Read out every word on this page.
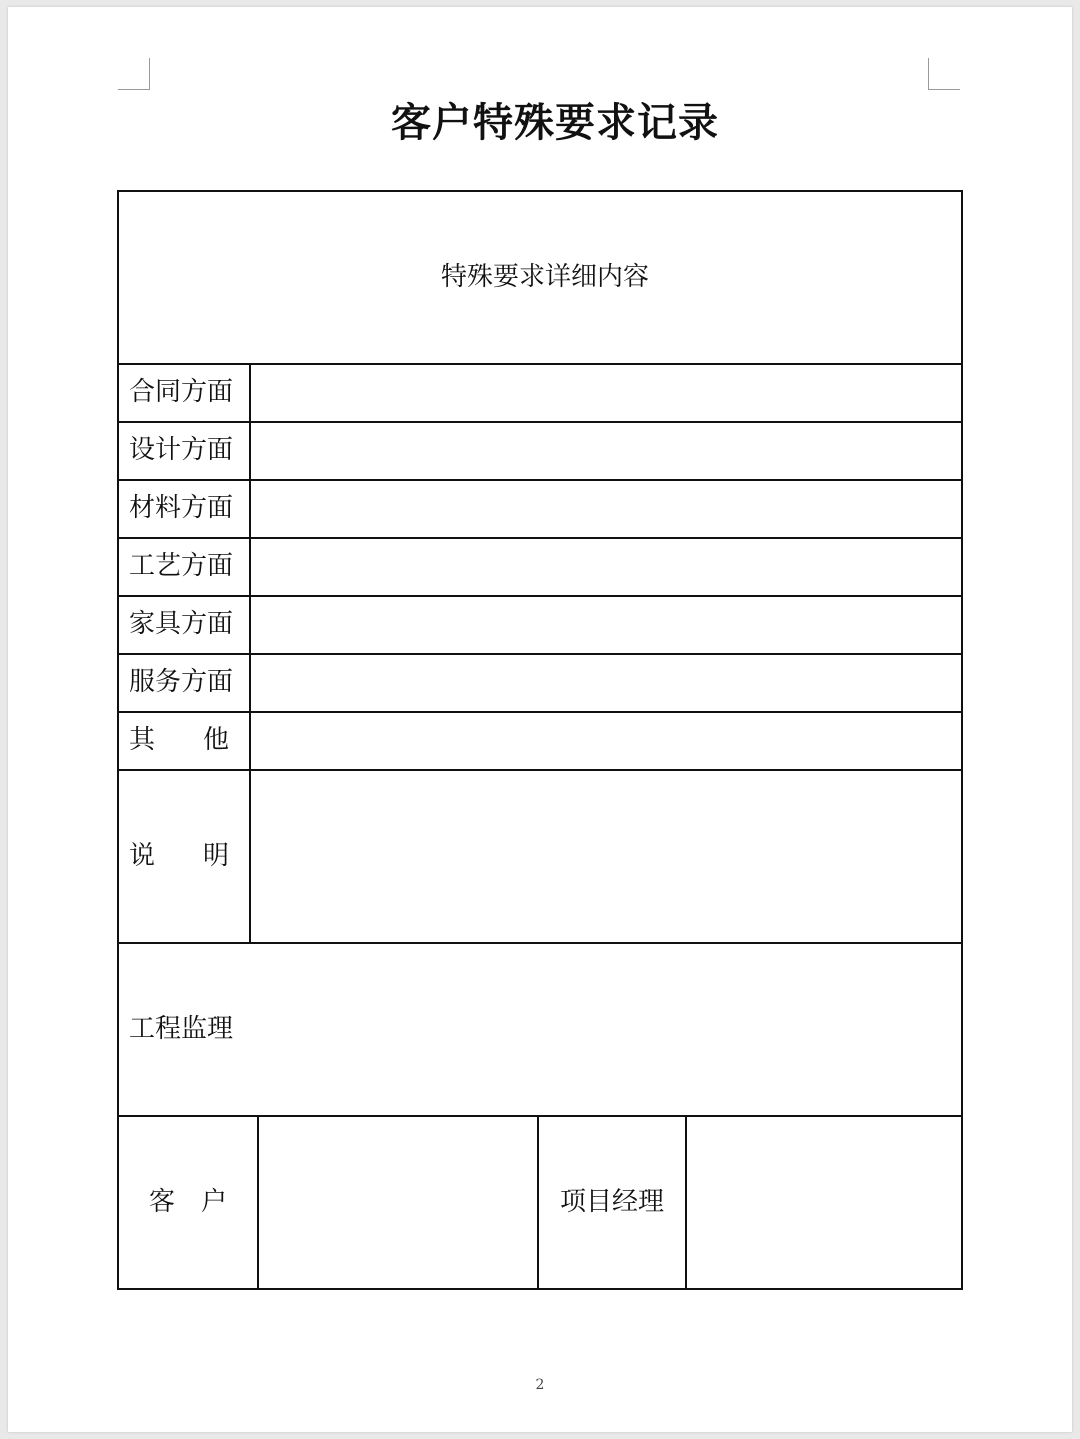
客户特殊要求记录
特殊要求详细内容				
合同方面				
设计方面				
材料方面				
工艺方面				
家具方面				
服务方面				

其 他				

说 明				

工程监理				
客 户			项目经理	
2
